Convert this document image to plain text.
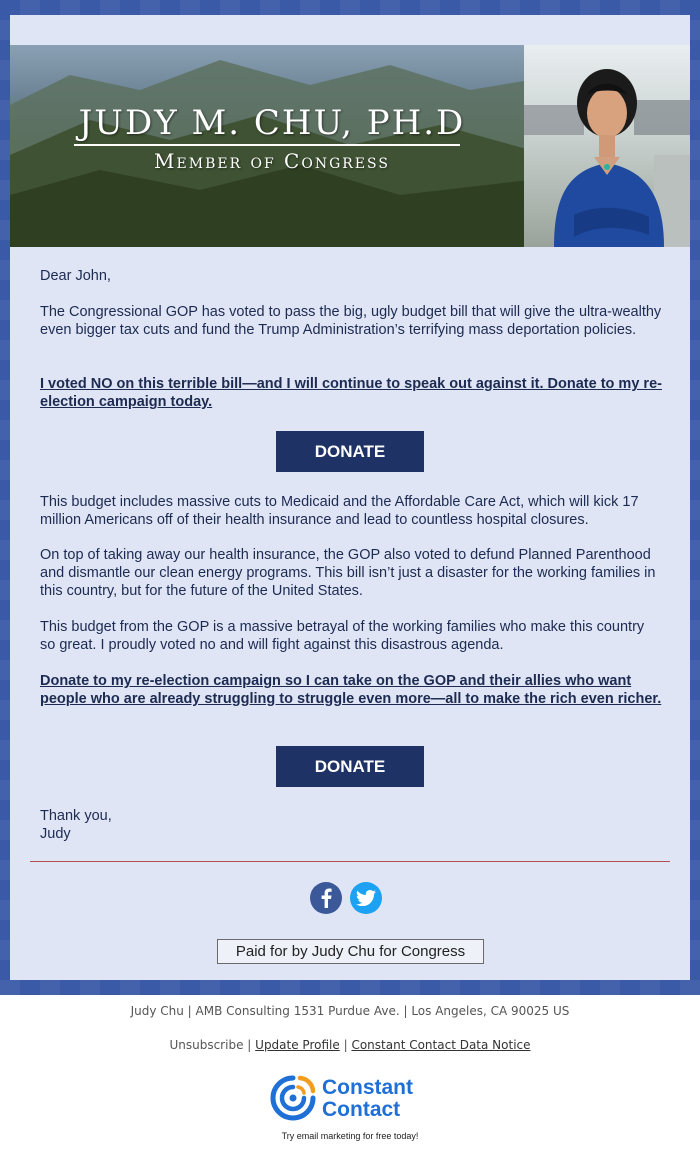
JUDY M. CHU, PH.D
Member of Congress
Dear John,
The Congressional GOP has voted to pass the big, ugly budget bill that will give the ultra-wealthy even bigger tax cuts and fund the Trump Administration’s terrifying mass deportation policies.
I voted NO on this terrible bill—and I will continue to speak out against it. Donate to my re-election campaign today.
DONATE
This budget includes massive cuts to Medicaid and the Affordable Care Act, which will kick 17 million Americans off of their health insurance and lead to countless hospital closures.
On top of taking away our health insurance, the GOP also voted to defund Planned Parenthood and dismantle our clean energy programs. This bill isn’t just a disaster for the working families in this country, but for the future of the United States.
This budget from the GOP is a massive betrayal of the working families who make this country so great. I proudly voted no and will fight against this disastrous agenda.
Donate to my re-election campaign so I can take on the GOP and their allies who want people who are already struggling to struggle even more—all to make the rich even richer.
DONATE
Thank you,
Judy
Paid for by Judy Chu for Congress
Judy Chu | AMB Consulting 1531 Purdue Ave. | Los Angeles, CA 90025 US
Unsubscribe | Update Profile | Constant Contact Data Notice
Constant
Contact
Try email marketing for free today!
